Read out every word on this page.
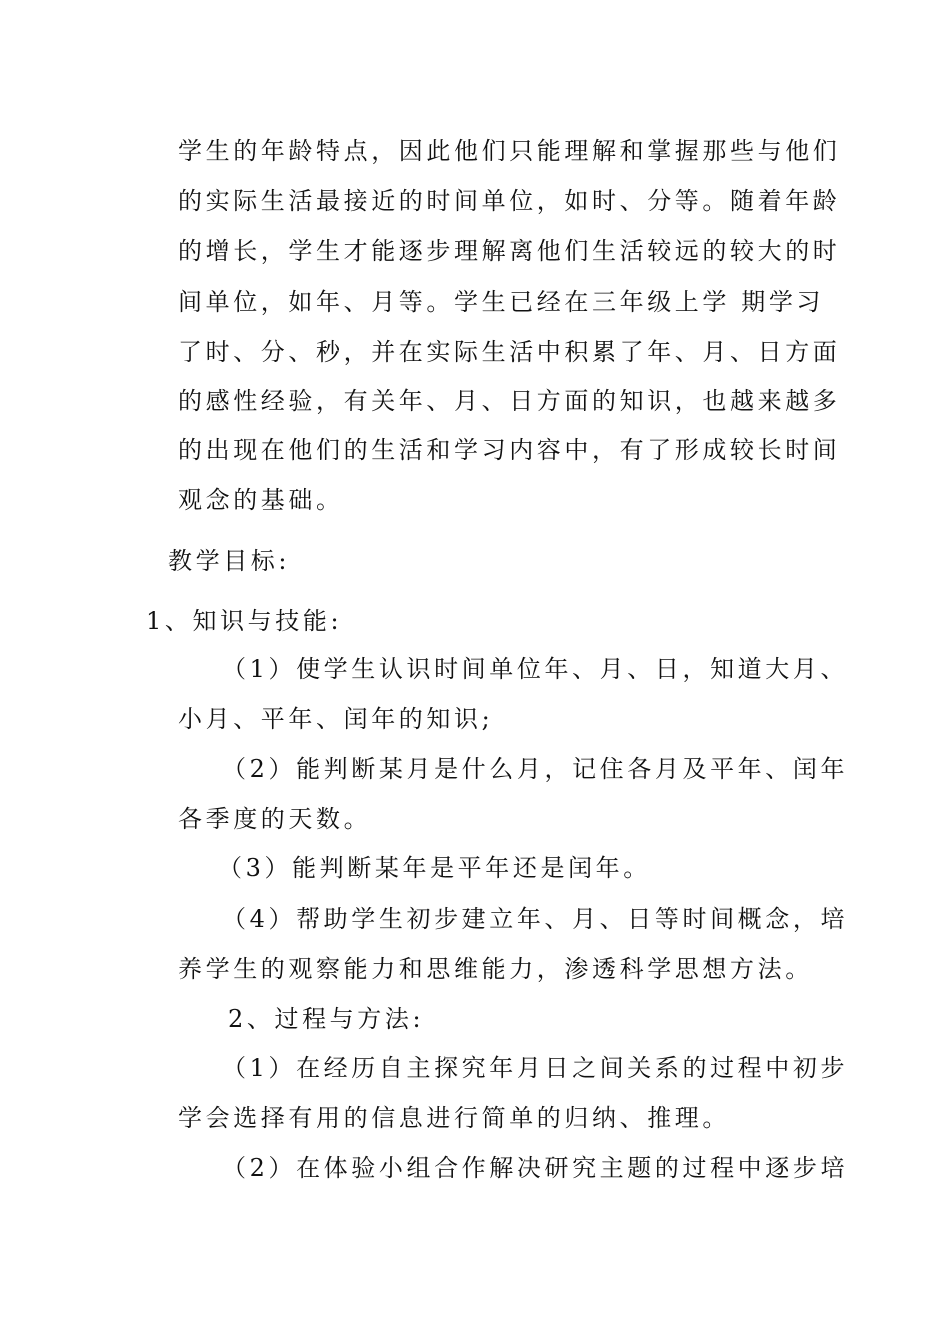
学生的年龄特点，因此他们只能理解和掌握那些与他们
的实际生活最接近的时间单位，如时、分等。随着年龄
的增长，学生才能逐步理解离他们生活较远的较大的时
间单位，如年、月等。学生已经在三年级上学 期学习
了时、分、秒，并在实际生活中积累了年、月、日方面
的感性经验，有关年、月、日方面的知识，也越来越多
的出现在他们的生活和学习内容中，有了形成较长时间
观念的基础。
教学目标:
1、知识与技能:
（1）使学生认识时间单位年、月、日，知道大月、
小月、平年、闰年的知识;
（2）能判断某月是什么月，记住各月及平年、闰年
各季度的天数。
（3）能判断某年是平年还是闰年。
（4）帮助学生初步建立年、月、日等时间概念，培
养学生的观察能力和思维能力，渗透科学思想方法。
2、过程与方法:
（1）在经历自主探究年月日之间关系的过程中初步
学会选择有用的信息进行简单的归纳、推理。
（2）在体验小组合作解决研究主题的过程中逐步培
